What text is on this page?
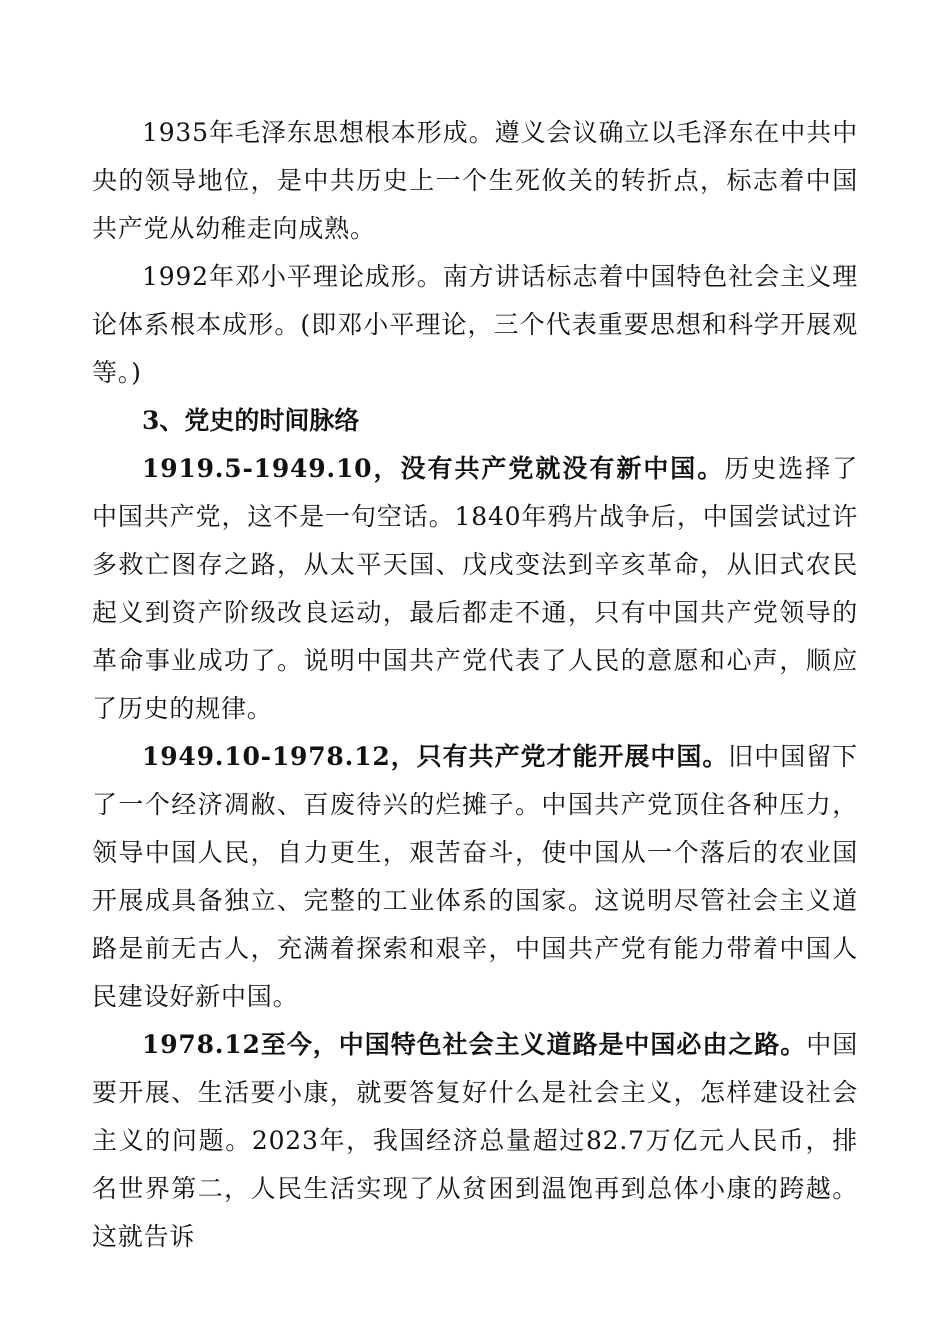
1935年毛泽东思想根本形成。遵义会议确立以毛泽东在中共中央的领导地位，是中共历史上一个生死攸关的转折点，标志着中国共产党从幼稚走向成熟。

1992年邓小平理论成形。南方讲话标志着中国特色社会主义理论体系根本成形。(即邓小平理论，三个代表重要思想和科学开展观等。)

3、党史的时间脉络

1919.5-1949.10，没有共产党就没有新中国。历史选择了中国共产党，这不是一句空话。1840年鸦片战争后，中国尝试过许多救亡图存之路，从太平天国、戊戌变法到辛亥革命，从旧式农民起义到资产阶级改良运动，最后都走不通，只有中国共产党领导的革命事业成功了。说明中国共产党代表了人民的意愿和心声，顺应了历史的规律。

1949.10-1978.12，只有共产党才能开展中国。旧中国留下了一个经济凋敝、百废待兴的烂摊子。中国共产党顶住各种压力，领导中国人民，自力更生，艰苦奋斗，使中国从一个落后的农业国开展成具备独立、完整的工业体系的国家。这说明尽管社会主义道路是前无古人，充满着探索和艰辛，中国共产党有能力带着中国人民建设好新中国。

1978.12至今，中国特色社会主义道路是中国必由之路。中国要开展、生活要小康，就要答复好什么是社会主义，怎样建设社会主义的问题。2023年，我国经济总量超过82.7万亿元人民币，排名世界第二，人民生活实现了从贫困到温饱再到总体小康的跨越。这就告诉
